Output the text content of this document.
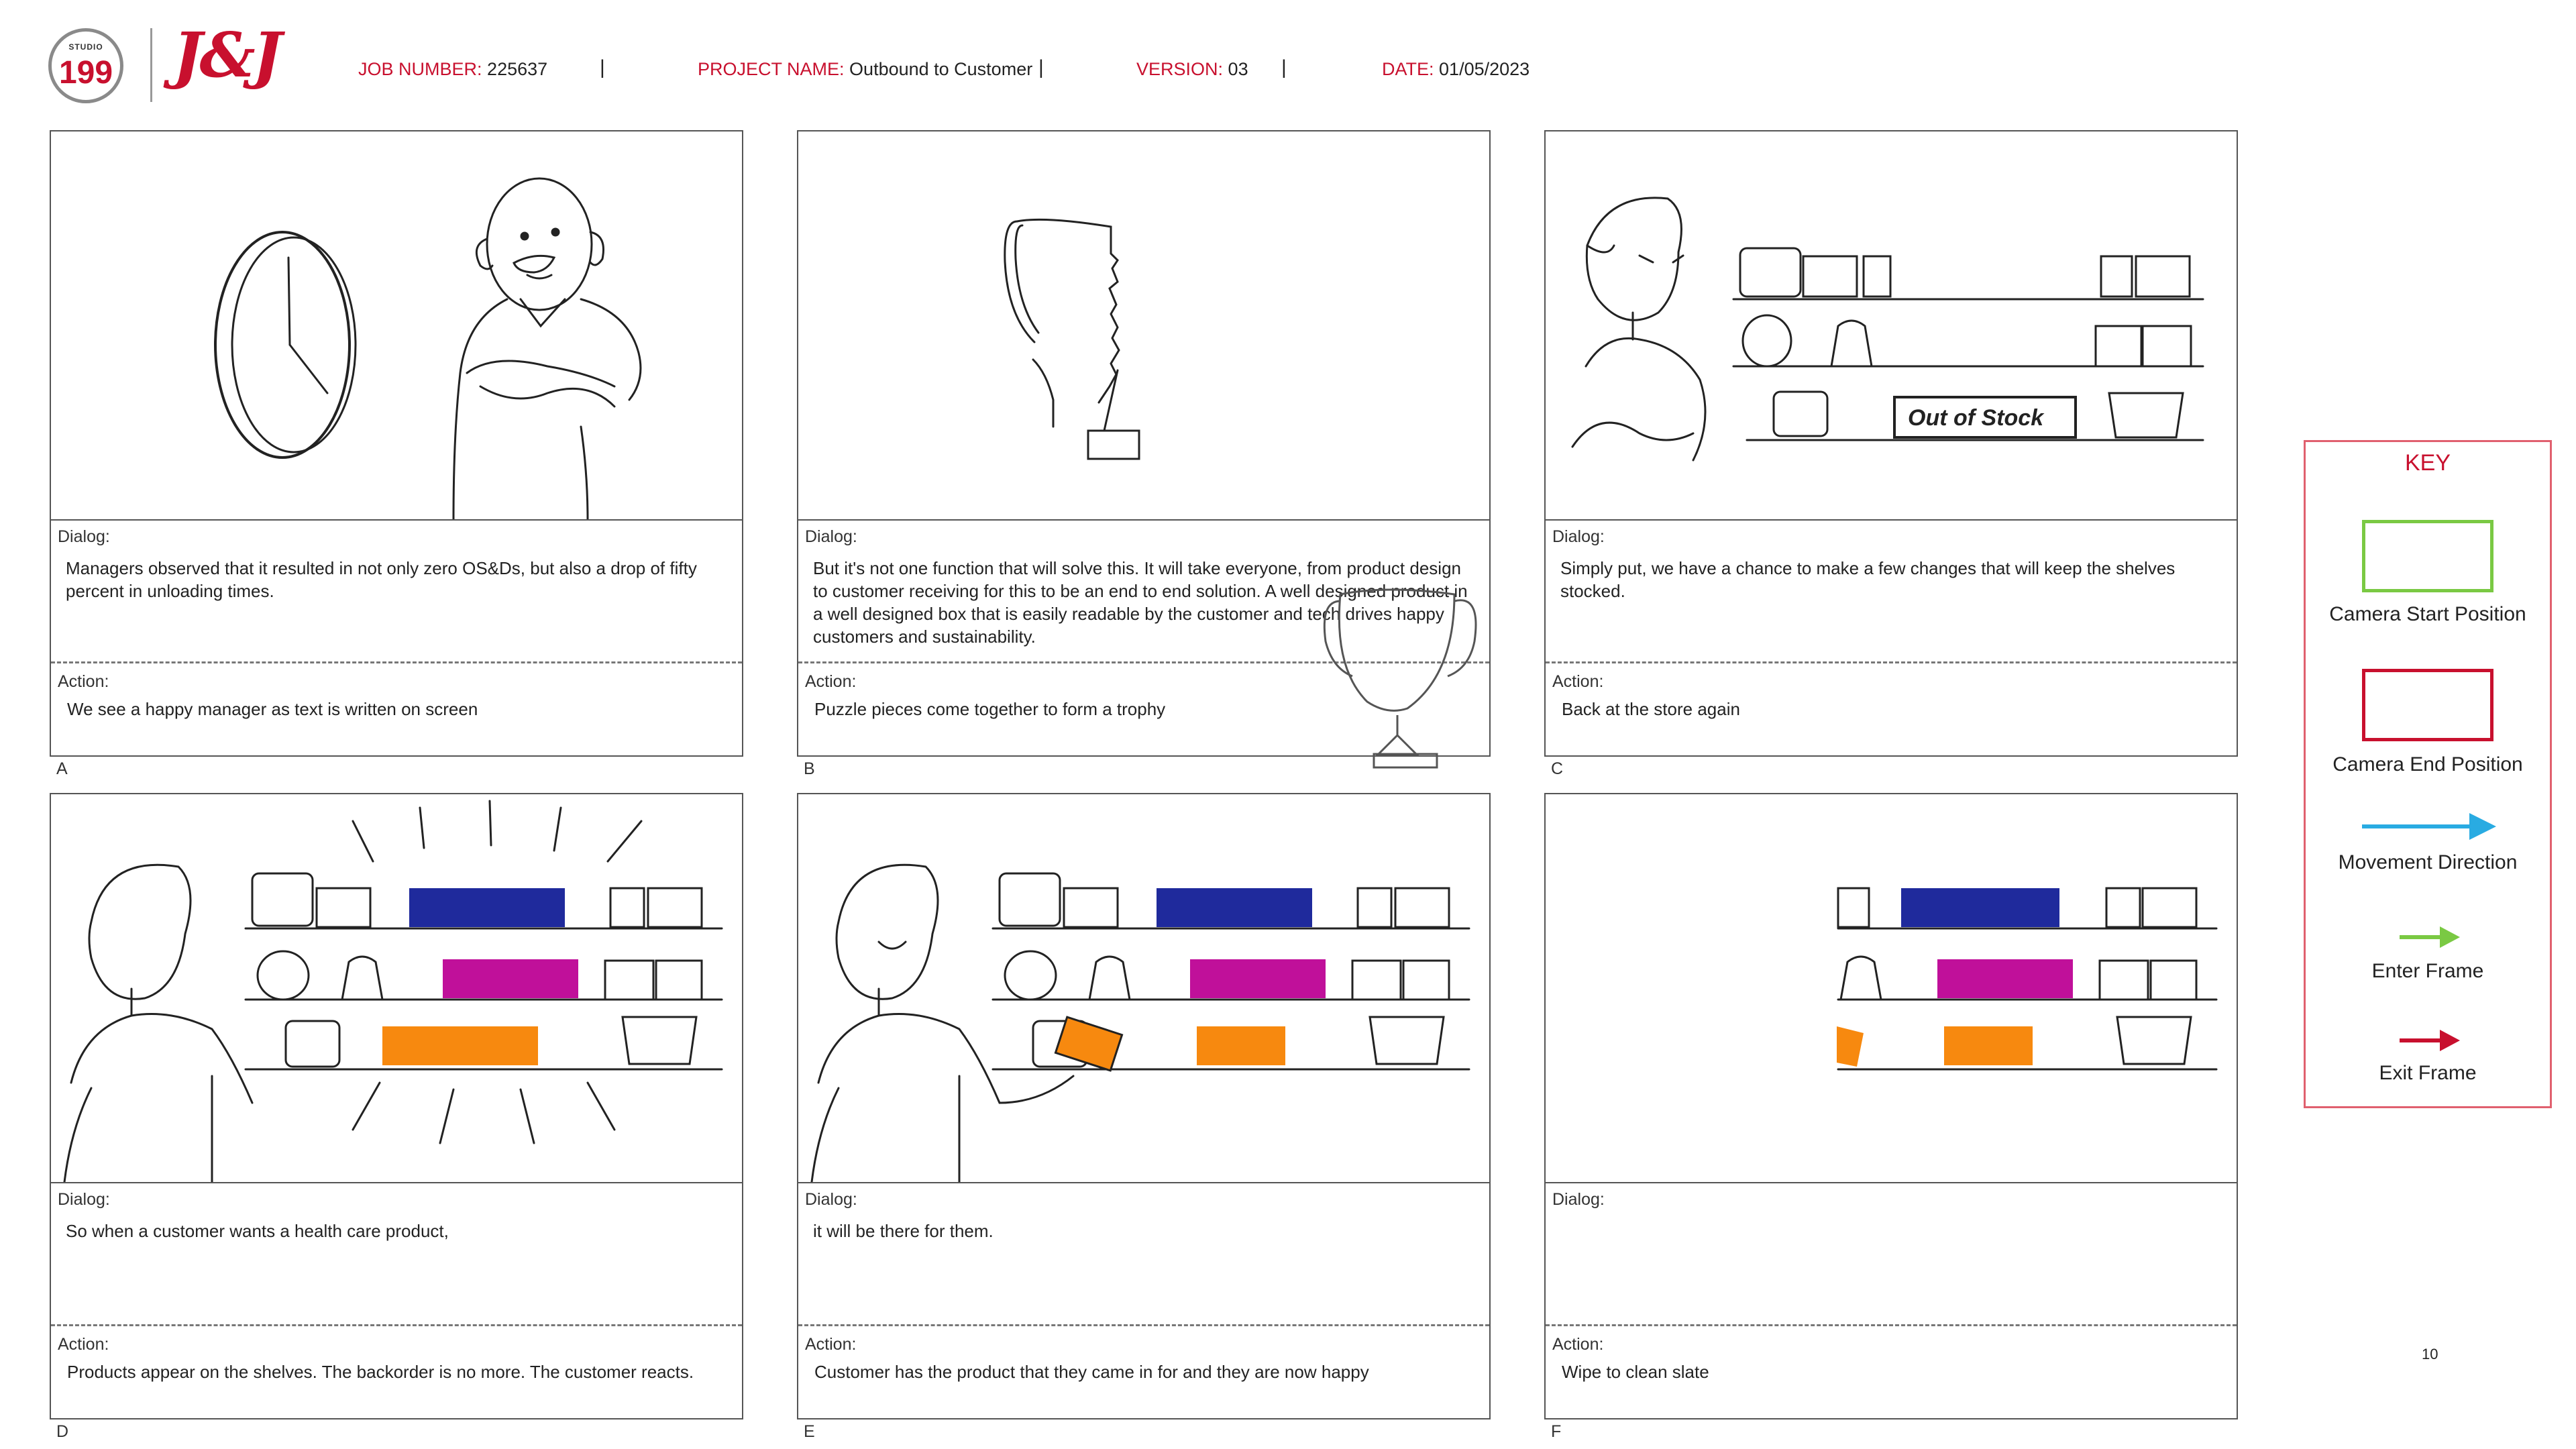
STUDIO
199 J&J	JOB NUMBER: 225637	|	PROJECT NAME: Outbound to Customer |	VERSION: 03 |	DATE: 01/05/2023
Dialog:
Managers observed that it resulted in not only zero OS&Ds, but also a drop of fifty percent in unloading times.
Action:
We see a happy manager as text is written on screen
A
Dialog:
But it's not one function that will solve this. It will take everyone, from product design to customer receiving for this to be an end to end solution. A well designed product in a well designed box that is easily readable by the customer and tech drives happy customers and sustainability.
Action:
Puzzle pieces come together to form a trophy
B
Out of Stock
Dialog:
Simply put, we have a chance to make a few changes that will keep the shelves stocked.
Action:
Back at the store again
C
Dialog:
So when a customer wants a health care product,
Action:
Products appear on the shelves. The backorder is no more. The customer reacts.
D
Dialog:
it will be there for them.
Action:
Customer has the product that they came in for and they are now happy
E
Dialog:
Action:
Wipe to clean slate
F
KEY
Camera Start Position
Camera End Position
Movement Direction
Enter Frame
Exit Frame
10
